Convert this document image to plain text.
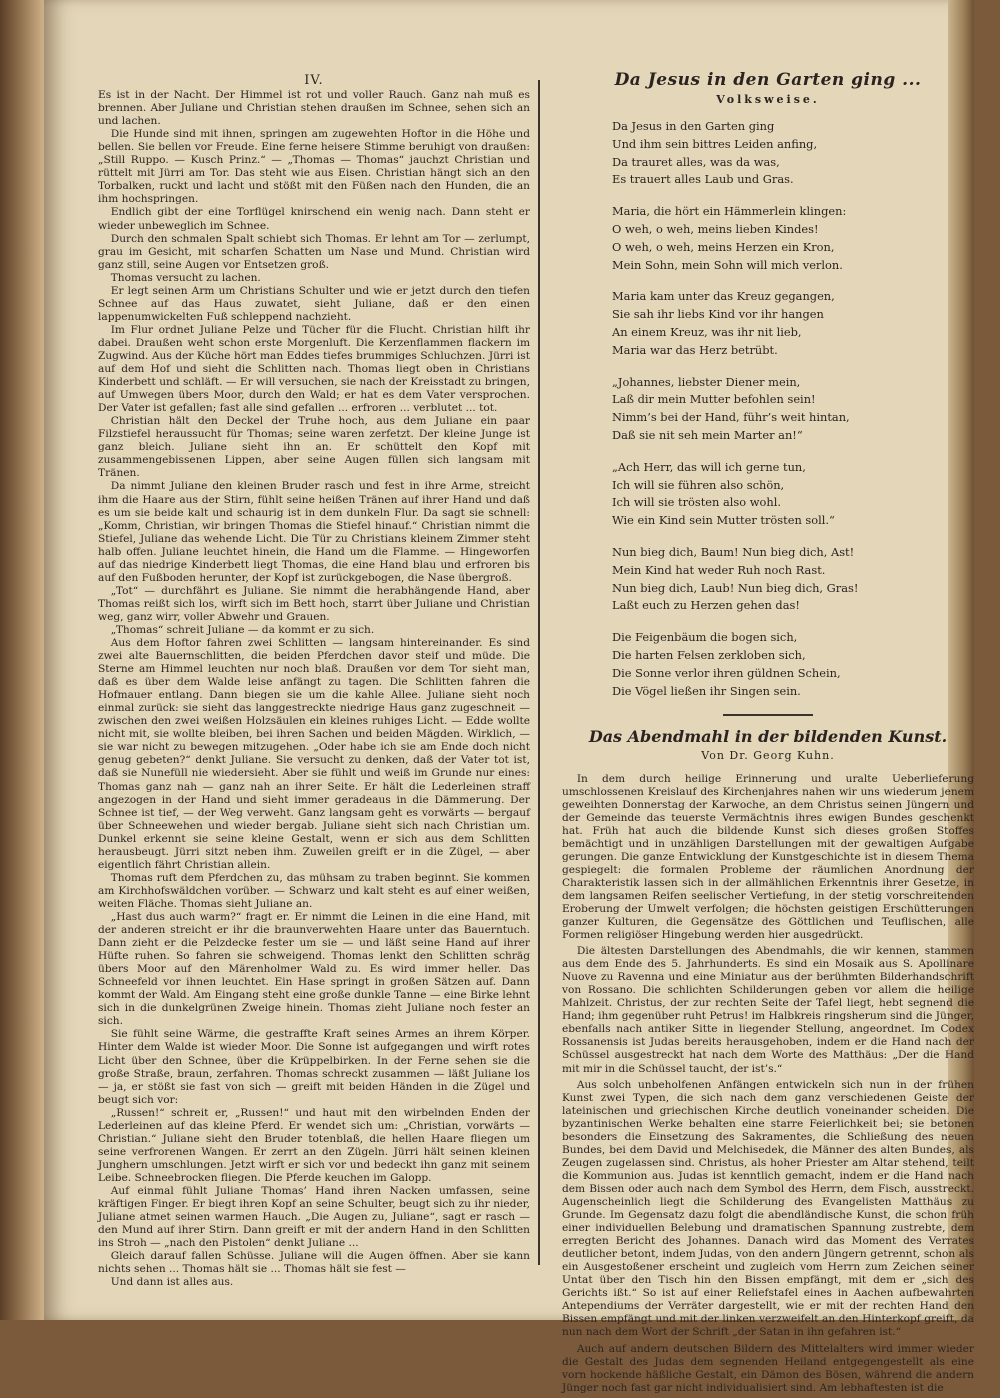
IV.

Es ist in der Nacht. Der Himmel ist rot und voller Rauch. Ganz nah muß es brennen. Aber Juliane und Christian stehen draußen im Schnee, sehen sich an und lachen.

Die Hunde sind mit ihnen, springen am zugewehten Hoftor in die Höhe und bellen. Sie bellen vor Freude. Eine ferne heisere Stimme beruhigt von draußen: „Still Ruppo. — Kusch Prinz.“ — „Thomas — Thomas“ jauchzt Christian und rüttelt mit Jürri am Tor. Das steht wie aus Eisen. Christian hängt sich an den Torbalken, ruckt und lacht und stößt mit den Füßen nach den Hunden, die an ihm hochspringen.

Endlich gibt der eine Torflügel knirschend ein wenig nach. Dann steht er wieder unbeweglich im Schnee.

Durch den schmalen Spalt schiebt sich Thomas. Er lehnt am Tor — zerlumpt, grau im Gesicht, mit scharfen Schatten um Nase und Mund. Christian wird ganz still, seine Augen vor Entsetzen groß.

Thomas versucht zu lachen.

Er legt seinen Arm um Christians Schulter und wie er jetzt durch den tiefen Schnee auf das Haus zuwatet, sieht Juliane, daß er den einen lappenumwickelten Fuß schleppend nachzieht.

Im Flur ordnet Juliane Pelze und Tücher für die Flucht. Christian hilft ihr dabei. Draußen weht schon erste Morgenluft. Die Kerzenflammen flackern im Zugwind. Aus der Küche hört man Eddes tiefes brummiges Schluchzen. Jürri ist auf dem Hof und sieht die Schlitten nach. Thomas liegt oben in Christians Kinderbett und schläft. — Er will versuchen, sie nach der Kreisstadt zu bringen, auf Umwegen übers Moor, durch den Wald; er hat es dem Vater versprochen. Der Vater ist gefallen; fast alle sind gefallen ... erfroren ... verblutet ... tot.

Christian hält den Deckel der Truhe hoch, aus dem Juliane ein paar Filzstiefel heraussucht für Thomas; seine waren zerfetzt. Der kleine Junge ist ganz bleich. Juliane sieht ihn an. Er schüttelt den Kopf mit zusammengebissenen Lippen, aber seine Augen füllen sich langsam mit Tränen.

Da nimmt Juliane den kleinen Bruder rasch und fest in ihre Arme, streicht ihm die Haare aus der Stirn, fühlt seine heißen Tränen auf ihrer Hand und daß es um sie beide kalt und schaurig ist in dem dunkeln Flur. Da sagt sie schnell: „Komm, Christian, wir bringen Thomas die Stiefel hinauf.“ Christian nimmt die Stiefel, Juliane das wehende Licht. Die Tür zu Christians kleinem Zimmer steht halb offen. Juliane leuchtet hinein, die Hand um die Flamme. — Hingeworfen auf das niedrige Kinderbett liegt Thomas, die eine Hand blau und erfroren bis auf den Fußboden herunter, der Kopf ist zurückgebogen, die Nase übergroß.

„Tot“ — durchfährt es Juliane. Sie nimmt die herabhängende Hand, aber Thomas reißt sich los, wirft sich im Bett hoch, starrt über Juliane und Christian weg, ganz wirr, voller Abwehr und Grauen.

„Thomas“ schreit Juliane — da kommt er zu sich.

Aus dem Hoftor fahren zwei Schlitten — langsam hintereinander. Es sind zwei alte Bauernschlitten, die beiden Pferdchen davor steif und müde. Die Sterne am Himmel leuchten nur noch blaß. Draußen vor dem Tor sieht man, daß es über dem Walde leise anfängt zu tagen. Die Schlitten fahren die Hofmauer entlang. Dann biegen sie um die kahle Allee. Juliane sieht noch einmal zurück: sie sieht das langgestreckte niedrige Haus ganz zugeschneit — zwischen den zwei weißen Holzsäulen ein kleines ruhiges Licht. — Edde wollte nicht mit, sie wollte bleiben, bei ihren Sachen und beiden Mägden. Wirklich, — sie war nicht zu bewegen mitzugehen. „Oder habe ich sie am Ende doch nicht genug gebeten?“ denkt Juliane. Sie versucht zu denken, daß der Vater tot ist, daß sie Nunefüll nie wiedersieht. Aber sie fühlt und weiß im Grunde nur eines: Thomas ganz nah — ganz nah an ihrer Seite. Er hält die Lederleinen straff angezogen in der Hand und sieht immer geradeaus in die Dämmerung. Der Schnee ist tief, — der Weg verweht. Ganz langsam geht es vorwärts — bergauf über Schneewehen und wieder bergab. Juliane sieht sich nach Christian um. Dunkel erkennt sie seine kleine Gestalt, wenn er sich aus dem Schlitten herausbeugt. Jürri sitzt neben ihm. Zuweilen greift er in die Zügel, — aber eigentlich fährt Christian allein.

Thomas ruft dem Pferdchen zu, das mühsam zu traben beginnt. Sie kommen am Kirchhofswäldchen vorüber. — Schwarz und kalt steht es auf einer weißen, weiten Fläche. Thomas sieht Juliane an.

„Hast dus auch warm?“ fragt er. Er nimmt die Leinen in die eine Hand, mit der anderen streicht er ihr die braunverwehten Haare unter das Bauerntuch. Dann zieht er die Pelzdecke fester um sie — und läßt seine Hand auf ihrer Hüfte ruhen. So fahren sie schweigend. Thomas lenkt den Schlitten schräg übers Moor auf den Märenholmer Wald zu. Es wird immer heller. Das Schneefeld vor ihnen leuchtet. Ein Hase springt in großen Sätzen auf. Dann kommt der Wald. Am Eingang steht eine große dunkle Tanne — eine Birke lehnt sich in die dunkelgrünen Zweige hinein. Thomas zieht Juliane noch fester an sich.

Sie fühlt seine Wärme, die gestraffte Kraft seines Armes an ihrem Körper. Hinter dem Walde ist wieder Moor. Die Sonne ist aufgegangen und wirft rotes Licht über den Schnee, über die Krüppelbirken. In der Ferne sehen sie die große Straße, braun, zerfahren. Thomas schreckt zusammen — läßt Juliane los — ja, er stößt sie fast von sich — greift mit beiden Händen in die Zügel und beugt sich vor:

„Russen!“ schreit er, „Russen!“ und haut mit den wirbelnden Enden der Lederleinen auf das kleine Pferd. Er wendet sich um: „Christian, vorwärts — Christian.“ Juliane sieht den Bruder totenblaß, die hellen Haare fliegen um seine verfrorenen Wangen. Er zerrt an den Zügeln. Jürri hält seinen kleinen Junghern umschlungen. Jetzt wirft er sich vor und bedeckt ihn ganz mit seinem Leibe. Schneebrocken fliegen. Die Pferde keuchen im Galopp.

Auf einmal fühlt Juliane Thomas’ Hand ihren Nacken umfassen, seine kräftigen Finger. Er biegt ihren Kopf an seine Schulter, beugt sich zu ihr nieder, Juliane atmet seinen warmen Hauch. „Die Augen zu, Juliane“, sagt er rasch — den Mund auf ihrer Stirn. Dann greift er mit der andern Hand in den Schlitten ins Stroh — „nach den Pistolen“ denkt Juliane ...

Gleich darauf fallen Schüsse. Juliane will die Augen öffnen. Aber sie kann nichts sehen ... Thomas hält sie ... Thomas hält sie fest —

Und dann ist alles aus.

Da Jesus in den Garten ging ...
Volksweise.
Da Jesus in den Garten ging
Und ihm sein bittres Leiden anfing,
Da trauret alles, was da was,
Es trauert alles Laub und Gras.
Maria, die hört ein Hämmerlein klingen:
O weh, o weh, meins lieben Kindes!
O weh, o weh, meins Herzen ein Kron,
Mein Sohn, mein Sohn will mich verlon.
Maria kam unter das Kreuz gegangen,
Sie sah ihr liebs Kind vor ihr hangen
An einem Kreuz, was ihr nit lieb,
Maria war das Herz betrübt.
„Johannes, liebster Diener mein,
Laß dir mein Mutter befohlen sein!
Nimm’s bei der Hand, führ’s weit hintan,
Daß sie nit seh mein Marter an!“
„Ach Herr, das will ich gerne tun,
Ich will sie führen also schön,
Ich will sie trösten also wohl.
Wie ein Kind sein Mutter trösten soll.“
Nun bieg dich, Baum! Nun bieg dich, Ast!
Mein Kind hat weder Ruh noch Rast.
Nun bieg dich, Laub! Nun bieg dich, Gras!
Laßt euch zu Herzen gehen das!
Die Feigenbäum die bogen sich,
Die harten Felsen zerkloben sich,
Die Sonne verlor ihren güldnen Schein,
Die Vögel ließen ihr Singen sein.
Das Abendmahl in der bildenden Kunst.
Von Dr. Georg Kuhn.

In dem durch heilige Erinnerung und uralte Ueberlieferung umschlossenen Kreislauf des Kirchenjahres nahen wir uns wiederum jenem geweihten Donnerstag der Karwoche, an dem Christus seinen Jüngern und der Gemeinde das teuerste Vermächtnis ihres ewigen Bundes geschenkt hat. Früh hat auch die bildende Kunst sich dieses großen Stoffes bemächtigt und in unzähligen Darstellungen mit der gewaltigen Aufgabe gerungen. Die ganze Entwicklung der Kunstgeschichte ist in diesem Thema gespiegelt: die formalen Probleme der räumlichen Anordnung der Charakteristik lassen sich in der allmählichen Erkenntnis ihrer Gesetze, in dem langsamen Reifen seelischer Vertiefung, in der stetig vorschreitenden Eroberung der Umwelt verfolgen; die höchsten geistigen Erschütterungen ganzer Kulturen, die Gegensätze des Göttlichen und Teuflischen, alle Formen religiöser Hingebung werden hier ausgedrückt.

Die ältesten Darstellungen des Abendmahls, die wir kennen, stammen aus dem Ende des 5. Jahrhunderts. Es sind ein Mosaik aus S. Apollinare Nuove zu Ravenna und eine Miniatur aus der berühmten Bilderhandschrift von Rossano. Die schlichten Schilderungen geben vor allem die heilige Mahlzeit. Christus, der zur rechten Seite der Tafel liegt, hebt segnend die Hand; ihm gegenüber ruht Petrus! im Halbkreis ringsherum sind die Jünger, ebenfalls nach antiker Sitte in liegender Stellung, angeordnet. Im Codex Rossanensis ist Judas bereits herausgehoben, indem er die Hand nach der Schüssel ausgestreckt hat nach dem Worte des Matthäus: „Der die Hand mit mir in die Schüssel taucht, der ist’s.“

Aus solch unbeholfenen Anfängen entwickeln sich nun in der frühen Kunst zwei Typen, die sich nach dem ganz verschiedenen Geiste der lateinischen und griechischen Kirche deutlich voneinander scheiden. Die byzantinischen Werke behalten eine starre Feierlichkeit bei; sie betonen besonders die Einsetzung des Sakramentes, die Schließung des neuen Bundes, bei dem David und Melchisedek, die Männer des alten Bundes, als Zeugen zugelassen sind. Christus, als hoher Priester am Altar stehend, teilt die Kommunion aus. Judas ist kenntlich gemacht, indem er die Hand nach dem Bissen oder auch nach dem Symbol des Herrn, dem Fisch, ausstreckt. Augenscheinlich liegt die Schilderung des Evangelisten Matthäus zu Grunde. Im Gegensatz dazu folgt die abendländische Kunst, die schon früh einer individuellen Belebung und dramatischen Spannung zustrebte, dem erregten Bericht des Johannes. Danach wird das Moment des Verrates deutlicher betont, indem Judas, von den andern Jüngern getrennt, schon als ein Ausgestoßener erscheint und zugleich vom Herrn zum Zeichen seiner Untat über den Tisch hin den Bissen empfängt, mit dem er „sich des Gerichts ißt.“ So ist auf einer Reliefstafel eines in Aachen aufbewahrten Antependiums der Verräter dargestellt, wie er mit der rechten Hand den Bissen empfängt und mit der linken verzweifelt an den Hinterkopf greift, da nun nach dem Wort der Schrift „der Satan in ihn gefahren ist.“

Auch auf andern deutschen Bildern des Mittelalters wird immer wieder die Gestalt des Judas dem segnenden Heiland entgegengestellt als eine vorn hockende häßliche Gestalt, ein Dämon des Bösen, während die andern Jünger noch fast gar nicht individualisiert sind. Am lebhaftesten ist die
